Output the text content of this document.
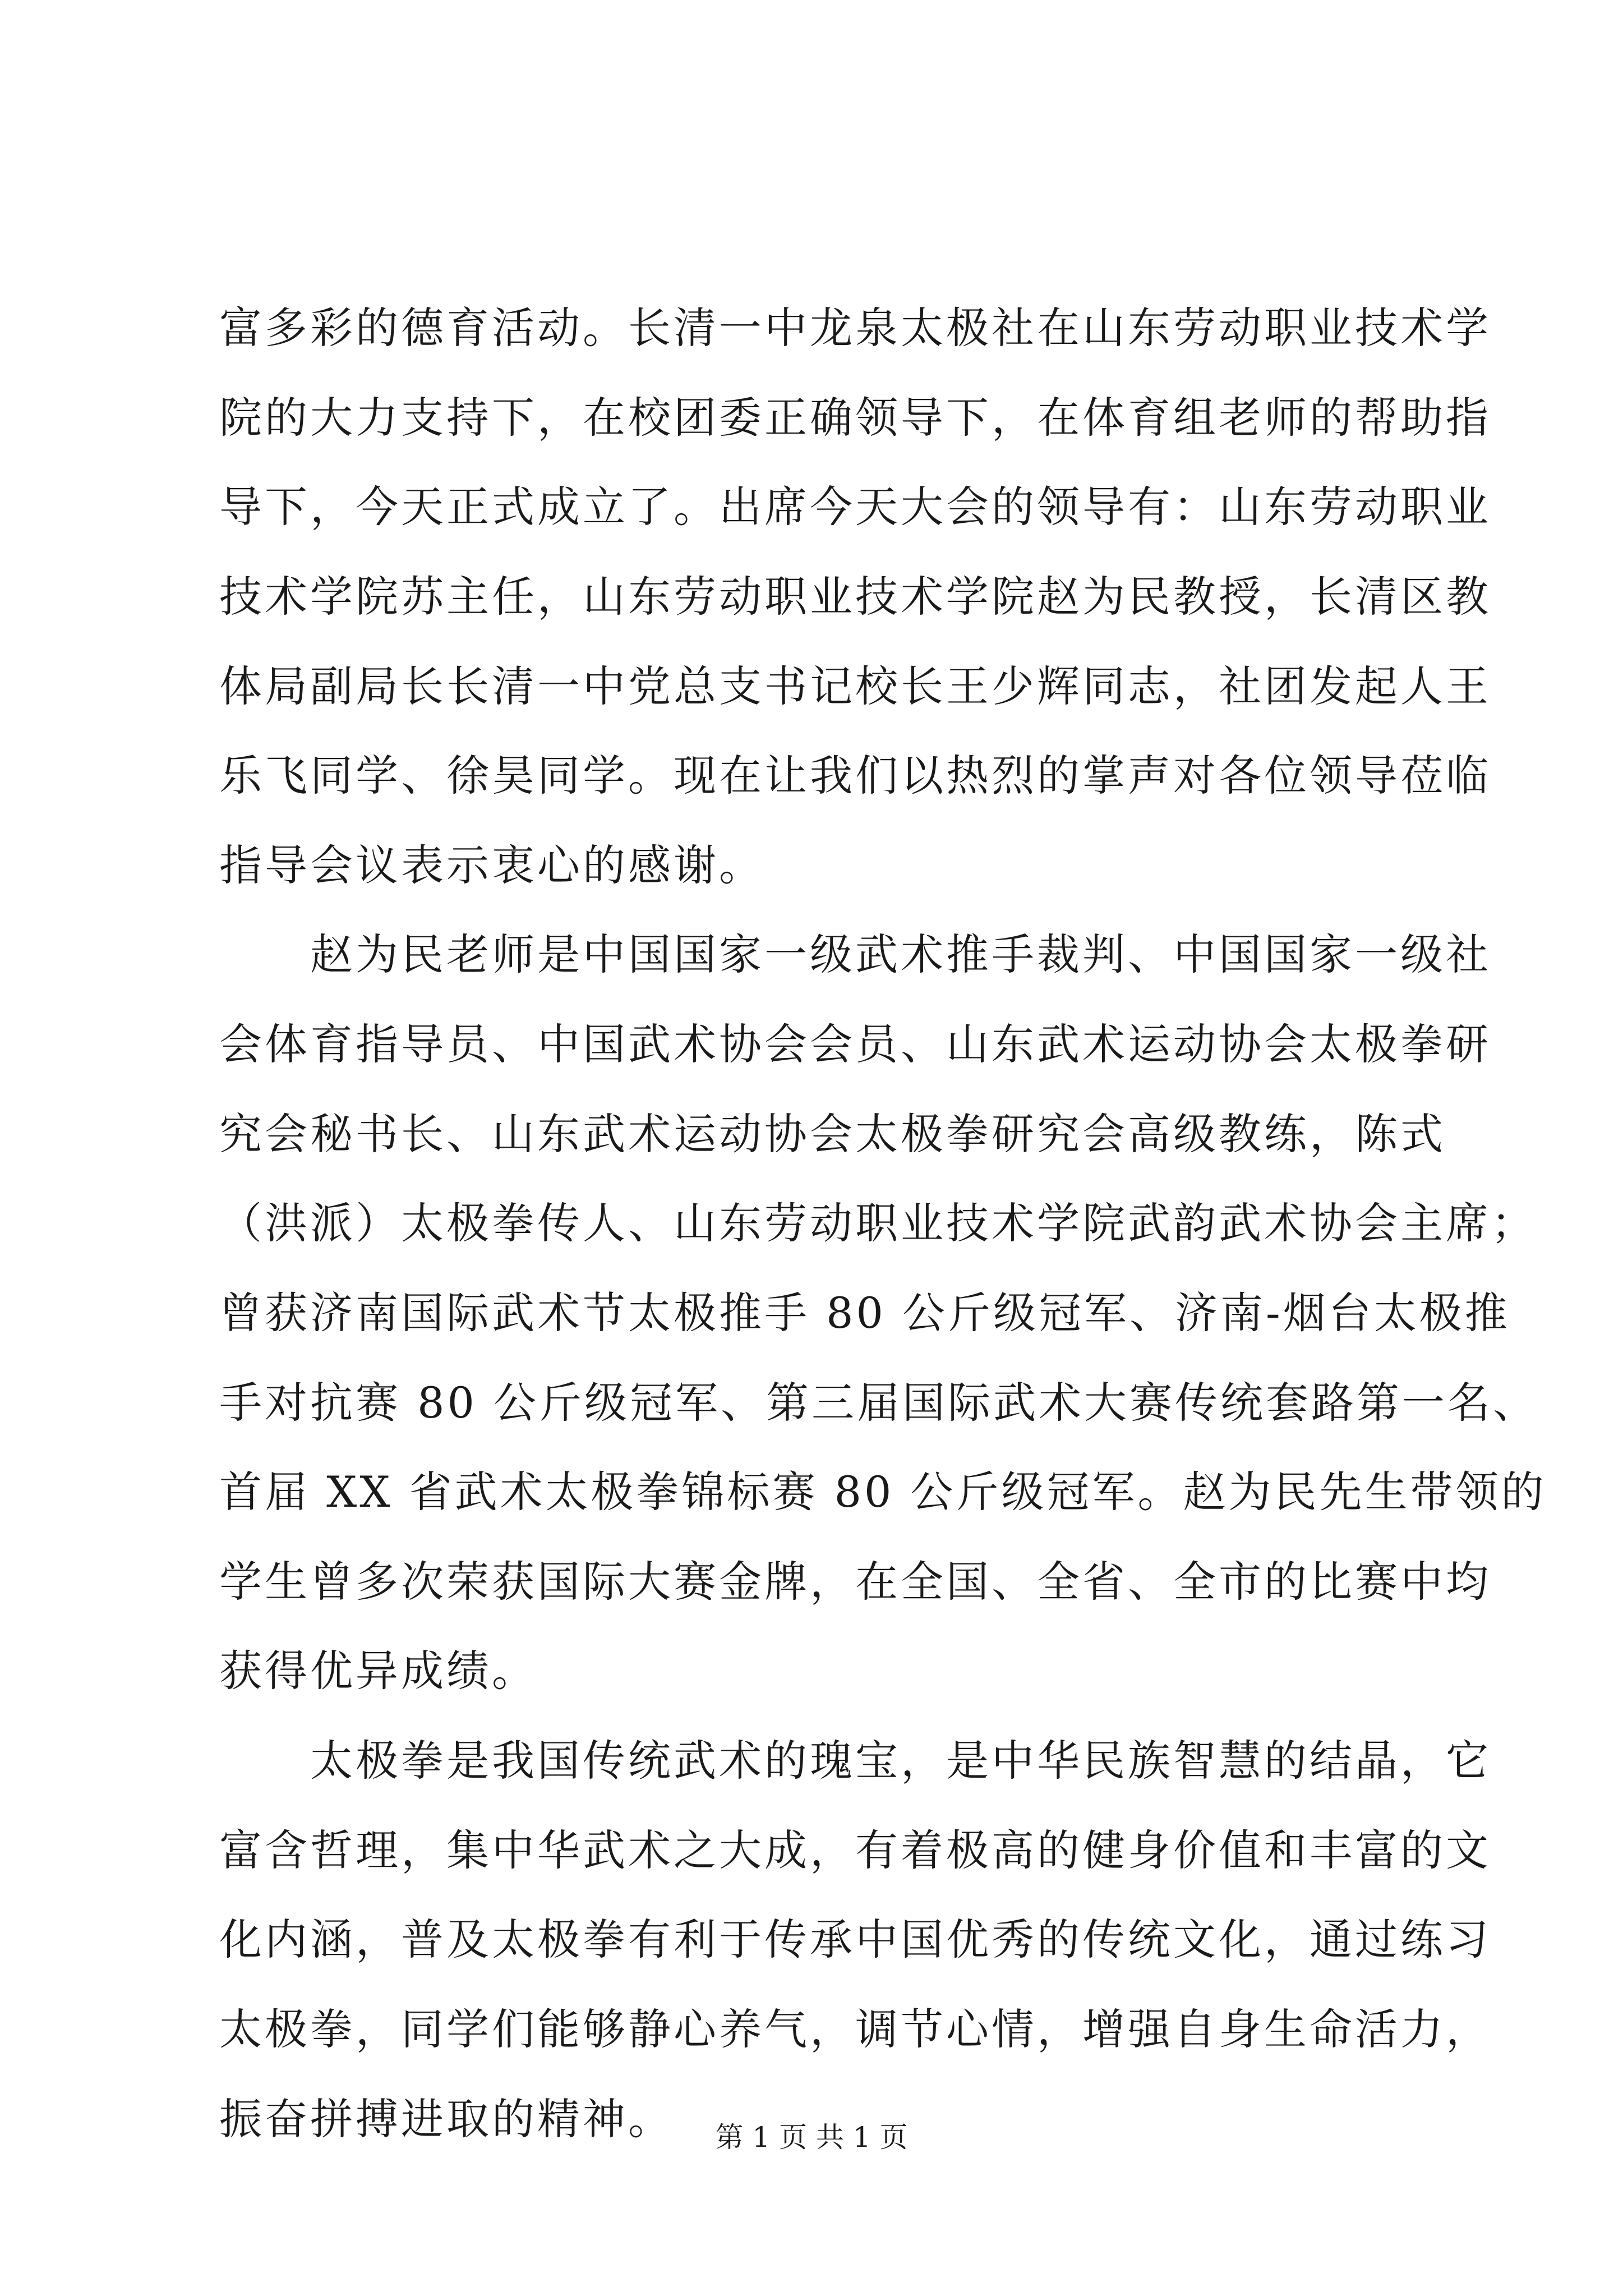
富多彩的德育活动。长清一中龙泉太极社在山东劳动职业技术学
院的大力支持下，在校团委正确领导下，在体育组老师的帮助指
导下，今天正式成立了。出席今天大会的领导有：山东劳动职业
技术学院苏主任，山东劳动职业技术学院赵为民教授，长清区教
体局副局长长清一中党总支书记校长王少辉同志，社团发起人王
乐飞同学、徐昊同学。现在让我们以热烈的掌声对各位领导莅临
指导会议表示衷心的感谢。
　　赵为民老师是中国国家一级武术推手裁判、中国国家一级社
会体育指导员、中国武术协会会员、山东武术运动协会太极拳研
究会秘书长、山东武术运动协会太极拳研究会高级教练，陈式
（洪派）太极拳传人、山东劳动职业技术学院武韵武术协会主席；
曾获济南国际武术节太极推手 80 公斤级冠军、济南-烟台太极推
手对抗赛 80 公斤级冠军、第三届国际武术大赛传统套路第一名、
首届 XX 省武术太极拳锦标赛 80 公斤级冠军。赵为民先生带领的
学生曾多次荣获国际大赛金牌，在全国、全省、全市的比赛中均
获得优异成绩。
　　太极拳是我国传统武术的瑰宝，是中华民族智慧的结晶，它
富含哲理，集中华武术之大成，有着极高的健身价值和丰富的文
化内涵，普及太极拳有利于传承中国优秀的传统文化，通过练习
太极拳，同学们能够静心养气，调节心情，增强自身生命活力，
振奋拼搏进取的精神。	第 1 页 共 1 页
